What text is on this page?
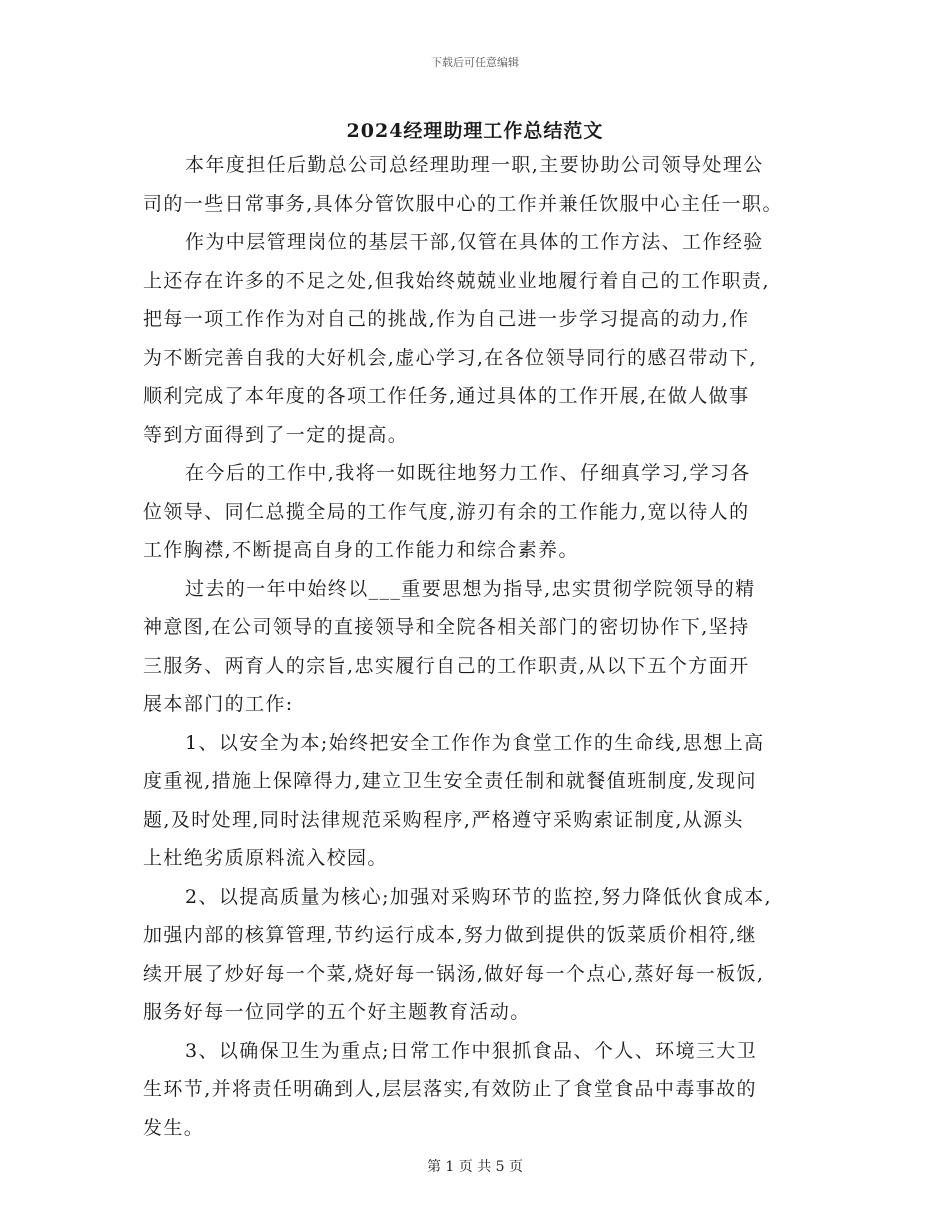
下载后可任意编辑
2024经理助理工作总结范文
本年度担任后勤总公司总经理助理一职,主要协助公司领导处理公
司的一些日常事务,具体分管饮服中心的工作并兼任饮服中心主任一职。
作为中层管理岗位的基层干部,仅管在具体的工作方法、工作经验
上还存在许多的不足之处,但我始终兢兢业业地履行着自己的工作职责,
把每一项工作作为对自己的挑战,作为自己进一步学习提高的动力,作
为不断完善自我的大好机会,虚心学习,在各位领导同行的感召带动下,
顺利完成了本年度的各项工作任务,通过具体的工作开展,在做人做事
等到方面得到了一定的提高。
在今后的工作中,我将一如既往地努力工作、仔细真学习,学习各
位领导、同仁总揽全局的工作气度,游刃有余的工作能力,宽以待人的
工作胸襟,不断提高自身的工作能力和综合素养。
过去的一年中始终以___重要思想为指导,忠实贯彻学院领导的精
神意图,在公司领导的直接领导和全院各相关部门的密切协作下,坚持
三服务、两育人的宗旨,忠实履行自己的工作职责,从以下五个方面开
展本部门的工作:
1、以安全为本;始终把安全工作作为食堂工作的生命线,思想上高
度重视,措施上保障得力,建立卫生安全责任制和就餐值班制度,发现问
题,及时处理,同时法律规范采购程序,严格遵守采购索证制度,从源头
上杜绝劣质原料流入校园。
2、以提高质量为核心;加强对采购环节的监控,努力降低伙食成本,
加强内部的核算管理,节约运行成本,努力做到提供的饭菜质价相符,继
续开展了炒好每一个菜,烧好每一锅汤,做好每一个点心,蒸好每一板饭,
服务好每一位同学的五个好主题教育活动。
3、以确保卫生为重点;日常工作中狠抓食品、个人、环境三大卫
生环节,并将责任明确到人,层层落实,有效防止了食堂食品中毒事故的
发生。
第 1 页 共 5 页
